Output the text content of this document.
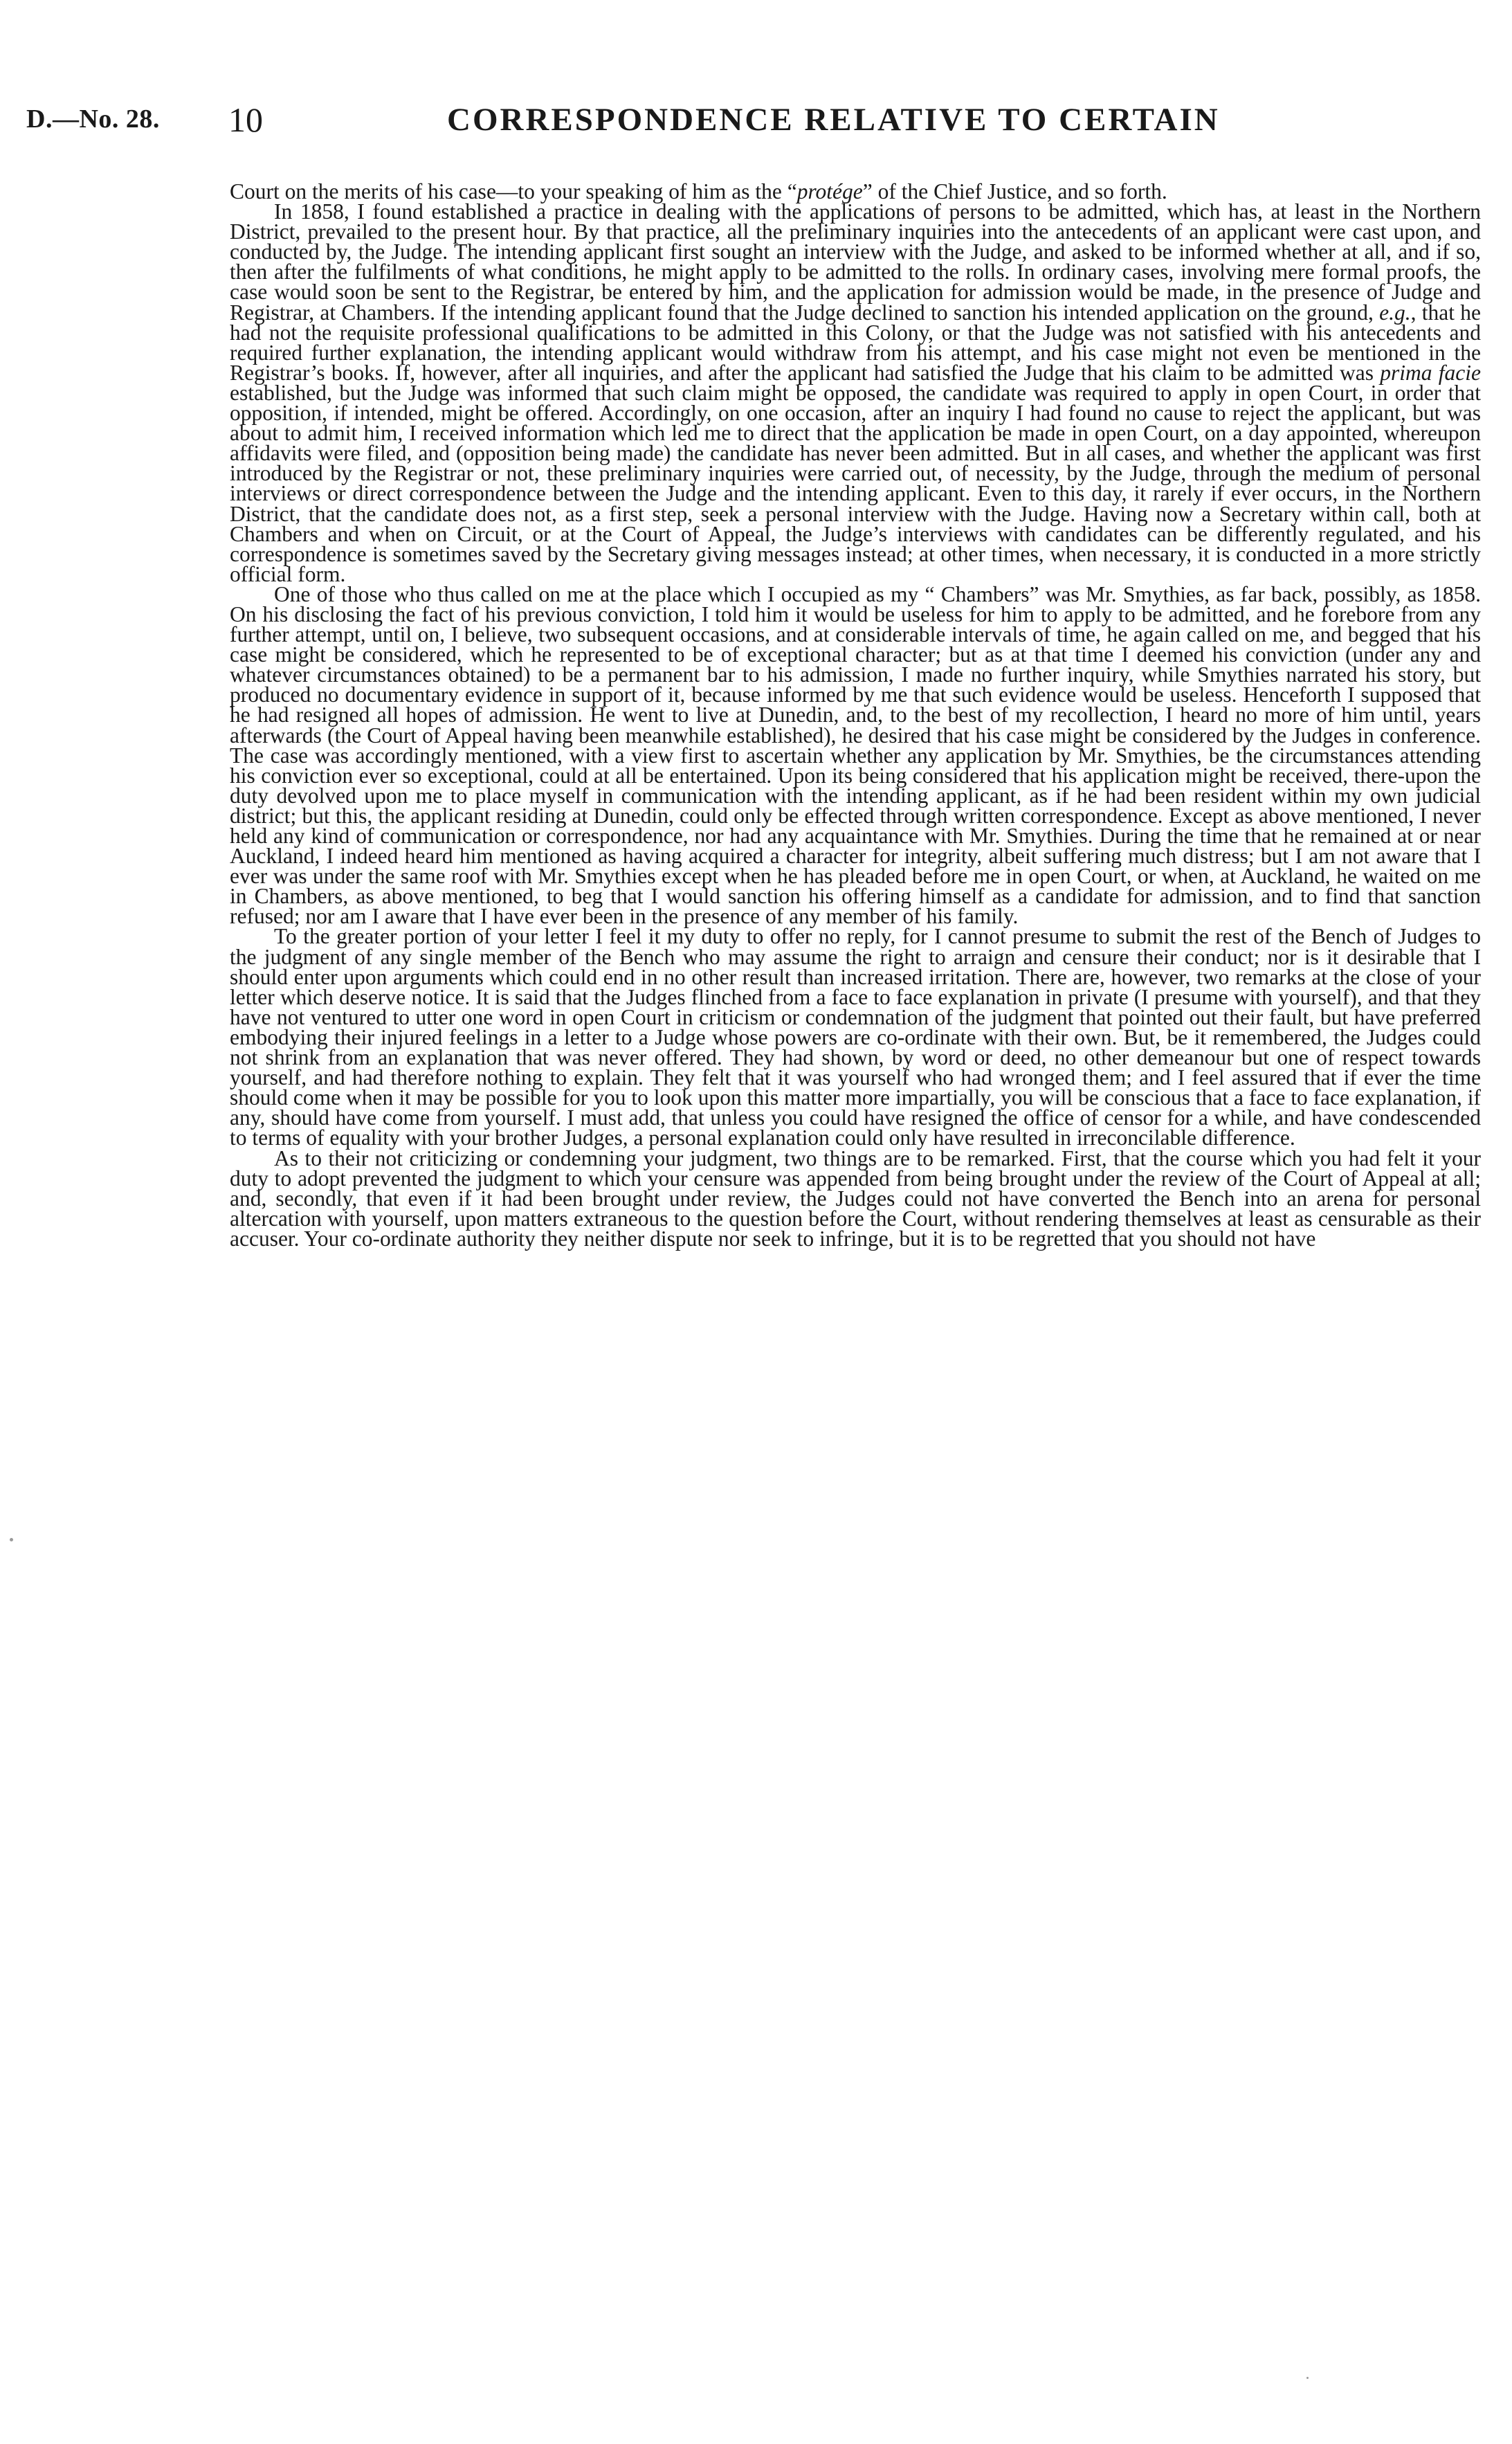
D.—No. 28. 10	CORRESPONDENCE RELATIVE TO CERTAIN

Court on the merits of his case—to your speaking of him as the “protége” of the Chief Justice, and so forth.

In 1858, I found established a practice in dealing with the applications of persons to be admitted, which has, at least in the Northern District, prevailed to the present hour. By that practice, all the preliminary inquiries into the antecedents of an applicant were cast upon, and conducted by, the Judge. The intending applicant first sought an interview with the Judge, and asked to be informed whether at all, and if so, then after the fulfilments of what conditions, he might apply to be admitted to the rolls. In ordinary cases, involving mere formal proofs, the case would soon be sent to the Registrar, be entered by him, and the application for admission would be made, in the presence of Judge and Registrar, at Chambers. If the intending applicant found that the Judge declined to sanction his intended application on the ground, e.g., that he had not the requisite professional qualifications to be admitted in this Colony, or that the Judge was not satisfied with his antecedents and required further explanation, the intending applicant would withdraw from his attempt, and his case might not even be mentioned in the Registrar’s books. If, however, after all inquiries, and after the applicant had satisfied the Judge that his claim to be admitted was prima facie established, but the Judge was informed that such claim might be opposed, the candidate was required to apply in open Court, in order that opposition, if intended, might be offered. Accordingly, on one occasion, after an inquiry I had found no cause to reject the applicant, but was about to admit him, I received information which led me to direct that the application be made in open Court, on a day appointed, whereupon affidavits were filed, and (opposition being made) the candidate has never been admitted. But in all cases, and whether the applicant was first introduced by the Registrar or not, these preliminary inquiries were carried out, of necessity, by the Judge, through the medium of personal interviews or direct correspondence between the Judge and the intending applicant. Even to this day, it rarely if ever occurs, in the Northern District, that the candidate does not, as a first step, seek a personal interview with the Judge. Having now a Secretary within call, both at Chambers and when on Circuit, or at the Court of Appeal, the Judge’s interviews with candidates can be differently regulated, and his correspondence is sometimes saved by the Secretary giving messages instead; at other times, when necessary, it is conducted in a more strictly official form.

One of those who thus called on me at the place which I occupied as my “ Chambers” was Mr. Smythies, as far back, possibly, as 1858. On his disclosing the fact of his previous conviction, I told him it would be useless for him to apply to be admitted, and he forebore from any further attempt, until on, I believe, two subsequent occasions, and at considerable intervals of time, he again called on me, and begged that his case might be considered, which he represented to be of exceptional character; but as at that time I deemed his conviction (under any and whatever circumstances obtained) to be a permanent bar to his admission, I made no further inquiry, while Smythies narrated his story, but produced no documentary evidence in support of it, because informed by me that such evidence would be useless. Henceforth I supposed that he had resigned all hopes of admission. He went to live at Dunedin, and, to the best of my recollection, I heard no more of him until, years afterwards (the Court of Appeal having been meanwhile established), he desired that his case might be considered by the Judges in conference. The case was accordingly mentioned, with a view first to ascertain whether any application by Mr. Smythies, be the circumstances attending his conviction ever so exceptional, could at all be entertained. Upon its being considered that his application might be received, there-upon the duty devolved upon me to place myself in communication with the intending applicant, as if he had been resident within my own judicial district; but this, the applicant residing at Dunedin, could only be effected through written correspondence. Except as above mentioned, I never held any kind of communication or correspondence, nor had any acquaintance with Mr. Smythies. During the time that he remained at or near Auckland, I indeed heard him mentioned as having acquired a character for integrity, albeit suffering much distress; but I am not aware that I ever was under the same roof with Mr. Smythies except when he has pleaded before me in open Court, or when, at Auckland, he waited on me in Chambers, as above mentioned, to beg that I would sanction his offering himself as a candidate for admission, and to find that sanction refused; nor am I aware that I have ever been in the presence of any member of his family.

To the greater portion of your letter I feel it my duty to offer no reply, for I cannot presume to submit the rest of the Bench of Judges to the judgment of any single member of the Bench who may assume the right to arraign and censure their conduct; nor is it desirable that I should enter upon arguments which could end in no other result than increased irritation. There are, however, two remarks at the close of your letter which deserve notice. It is said that the Judges flinched from a face to face explanation in private (I presume with yourself), and that they have not ventured to utter one word in open Court in criticism or condemnation of the judgment that pointed out their fault, but have preferred embodying their injured feelings in a letter to a Judge whose powers are co-ordinate with their own. But, be it remembered, the Judges could not shrink from an explanation that was never offered. They had shown, by word or deed, no other demeanour but one of respect towards yourself, and had therefore nothing to explain. They felt that it was yourself who had wronged them; and I feel assured that if ever the time should come when it may be possible for you to look upon this matter more impartially, you will be conscious that a face to face explanation, if any, should have come from yourself. I must add, that unless you could have resigned the office of censor for a while, and have condescended to terms of equality with your brother Judges, a personal explanation could only have resulted in irreconcilable difference.

As to their not criticizing or condemning your judgment, two things are to be remarked. First, that the course which you had felt it your duty to adopt prevented the judgment to which your censure was appended from being brought under the review of the Court of Appeal at all; and, secondly, that even if it had been brought under review, the Judges could not have converted the Bench into an arena for personal altercation with yourself, upon matters extraneous to the question before the Court, without rendering themselves at least as censurable as their accuser. Your co-ordinate authority they neither dispute nor seek to infringe, but it is to be regretted that you should not have
